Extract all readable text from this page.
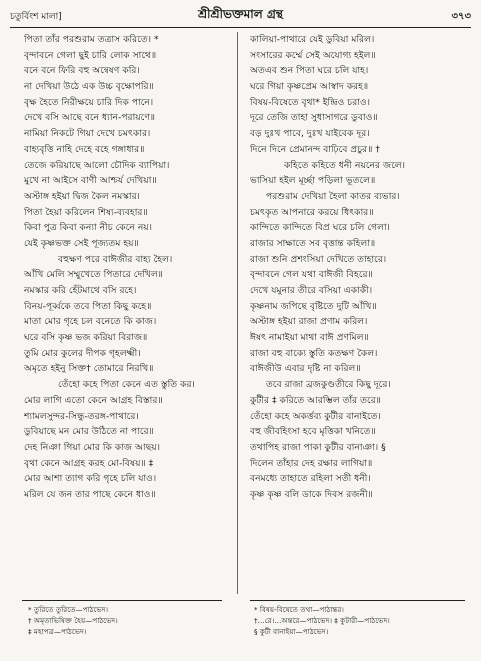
চতুর্বিংশ মালা]	শ্রীশ্রীভক্তমাল গ্রন্থ	৩৭৩
পিতা তাঁর পরশুরাম তত্রাস করিতে। *
বৃন্দাবনে গেলা ছুই চারি লোক সাথে॥
বনে বনে ফিরি বহু অন্বেষণ করি।
না দেখিয়া উঠে এক উচ্চ বৃক্ষোপরি॥
বৃক্ষ হৈতে নিরীক্ষয়ে চারি দিক পানে।
দেখে বসি আছে বনে ধ্যান-পরায়ণে॥
নামিয়া নিকটে গিয়া দেখে চমৎকার।
বাহ্যবৃত্তি নাহি দেহে বহে গঙ্গাধার॥
তেজে করিয়াছে আলো চৌদিক ব্যাপিয়া।
মুখে না আইসে বাণী আশ্চর্য দেখিয়া॥
অস্টাঙ্গ হইয়া দ্বিজ কৈল নমস্কার।
পিতা হৈয়া করিলেন শিষ্য-ব্যবহার॥
কিবা পুত্র কিবা কন্যা নীচ কেনে নয়।
যেই কৃষ্ণভক্ত সেই পূজ্যতম হয়॥
বহুক্ষণ পরে বাঈজীর বাহ্য হৈল।
আঁখি মেলি সম্মুখেতে পিতারে দেখিল॥
নমস্কার করি হেঁটমাথে বসি রহে।
বিনয়-পূর্ব্বকে তবে পিতা কিছু কহে॥
মাতা মোর গৃহে চল বনেতে কি কাজ।
ঘরে বসি কৃষ্ণ ভজ করিয়া বিরাজ॥
তুমি মোর কুলের দীপক গৃহলক্ষ্মী।
অমৃতে হইনু সিক্ত† তোমারে নিরখি॥
তেঁহো কহে পিতা কেনে এত স্তুতি কর।
মোর লাগি এতো কেনে আগ্রহ বিস্তার॥
শ্যামলসুন্দর-সিন্ধু-তরঙ্গ-পাথারে।
ডুবিয়াছে মন মোর উঠিতে না পারে॥
দেহ নিঞা গিয়া মোর কি কাজ আছয়।
বৃথা কেনে আগ্রহ করহ মো-বিষয়॥ ‡
মোর আশা ত্যাগ করি গৃহে চলি যাও।
মরিল যে জন তার পাছে কেনে ধাও॥
কালিয়া-পাথারে যেই ডুবিয়া মরিল।
সংসারের কর্ম্মে সেই অযোগ্য হইল॥
অতএব শুন পিতা ঘরে চলি যাহ।
ঘরে গিয়া কৃষ্ণপ্রেম আস্বাদ করহ॥
বিষয়-বিষেতে বৃথা* ইন্দ্রিও চরাও।
দূরে তেজি তাহা সুধাসাগরে ডুবাও॥
বড় দুঃখ পাবে, দুঃখ যাইবেক দূর।
দিনে দিনে প্রেমানন্দ বাঢ়িবে প্রচুর॥ †
কহিতে কহিতে ধনী নয়নের জলে।
ভাসিয়া হইল মূর্চ্ছা পড়িলা ভূতলে॥
পরশুরাম দেখিয়া হৈলা কাতর ব্যভার।
চমৎকৃত আপনারে করয়ে ধিৎকার॥
কান্দিতে কান্দিতে বিপ্র ঘরে চলি গেলা।
রাজার সাক্ষাতে সব বৃত্তান্ত কহিলা॥
রাজা শুনি প্রশংসিয়া দেখিতে তাহারে।
বৃন্দাবনে গেল যথা বাঈজী বিহরে॥
দেখে যমুনার তীরে বসিয়া একাকী।
কৃষ্ণনাম জপিছে বৃষ্টিতে দুটি আঁখি॥
অস্টাঙ্গ হইয়া রাজা প্রণাম করিল।
ঈষৎ নামাইয়া মাথা বাঈ প্রণমিল॥
রাজা বহু বাক্যে স্তুতি কতক্ষণ কৈল।
বাঈজীউ এবার দৃষ্টি না করিল॥
তবে রাজা ব্রজকুণ্ডতীরে কিছু দূরে।
কুটীর ‡ করিতে আরম্ভিল তাঁর তরে॥
তেঁহো কহে অকর্ত্তব্য কুটীর বানাইতে।
বহু জীবহিংসা হবে মৃত্তিকা খনিতে॥
তথাপিহ রাজা পাকা কুটীর বানাঞা। §
দিলেন তাঁহার দেহ রক্ষার লাগিয়া॥
বনমধ্যে তাহাতে রহিলা সতী ধনী।
কৃষ্ণ কৃষ্ণ বলি ডাকে দিবস রজনী॥
* তুরিতে তুরিতে—পাঠভেদ।
† অমৃতাভিষিক্ত হৈয়—পাঠভেদ।
‡ মহাপত্র—পাঠভেদ।
* বিষয়-বিষেতে তথা—পাঠান্তর।
†…রে।…অন্তরে—পাঠভেদ। ‡ কুটারী—পাঠভেদ।
§ কুটী বানাইয়া—পাঠভেদ।
